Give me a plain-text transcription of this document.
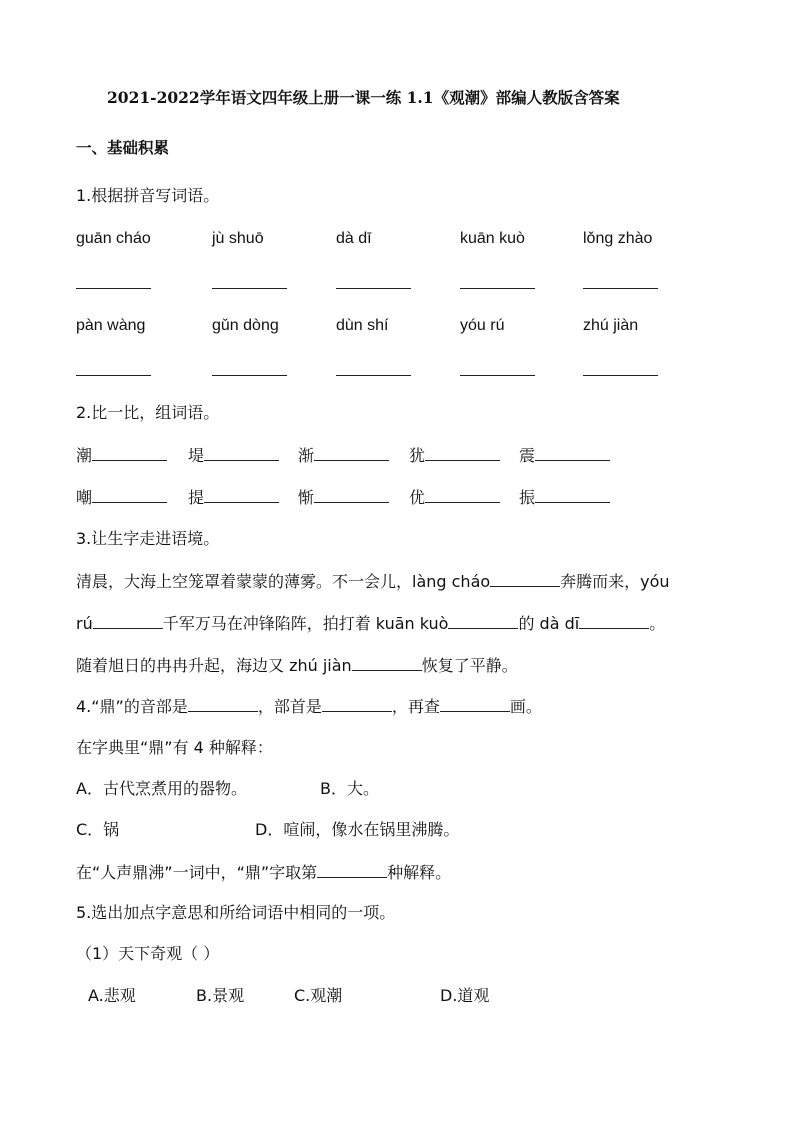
2021-2022学年语文四年级上册一课一练 1.1《观潮》部编人教版含答案
一、基础积累
1.根据拼音写词语。
guān cháo	jù shuō	dà dī	kuān kuò	lǒng zhào
pàn wàng	gǔn dòng	dùn shí	yóu rú	zhú jiàn
2.比一比，组词语。
潮	堤	渐	犹	震
嘲	提	惭	优	振
3.让生字走进语境。
清晨，大海上空笼罩着蒙蒙的薄雾。不一会儿，làng cháo	奔腾而来，yóu
rú	千军万马在冲锋陷阵，拍打着 kuān kuò	的 dà dī	。
随着旭日的冉冉升起，海边又 zhú jiàn	恢复了平静。
4.“鼎”的音部是	，部首是	，再查	画。
在字典里“鼎”有 4 种解释：
A．古代烹煮用的器物。	B．大。
C．锅	D．喧闹，像水在锅里沸腾。
在“人声鼎沸”一词中，“鼎”字取第	种解释。
5.选出加点字意思和所给词语中相同的一项。
（1）天下奇观（ ）
A.悲观	B.景观	C.观潮	D.道观
